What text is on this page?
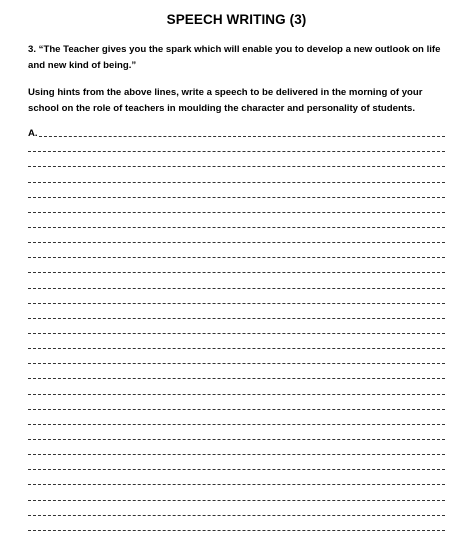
SPEECH WRITING (3)
3. “The Teacher gives you the spark which will enable you to develop a new outlook on life and new kind of being.”
Using hints from the above lines, write a speech to be delivered in the morning of your school on the role of teachers in moulding the character and personality of students.
A.
